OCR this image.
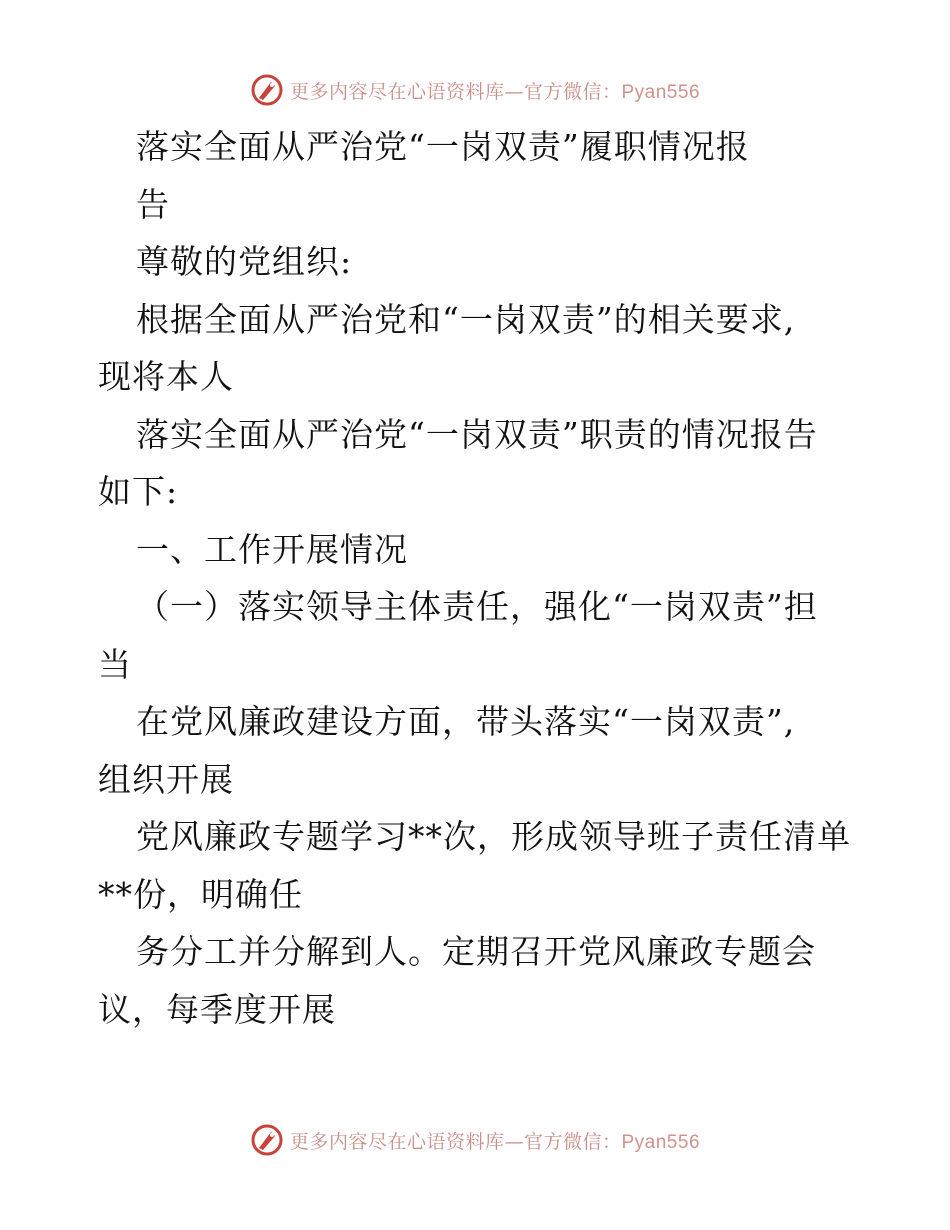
更多内容尽在心语资料库—官方微信：Pyan556
落实全面从严治党“一岗双责”履职情况报
告
尊敬的党组织:
根据全面从严治党和“一岗双责”的相关要求,
现将本人
落实全面从严治党“一岗双责”职责的情况报告
如下:
一、工作开展情况
（一）落实领导主体责任，强化“一岗双责”担
当
在党风廉政建设方面，带头落实“一岗双责”,
组织开展
党风廉政专题学习**次，形成领导班子责任清单
**份，明确任
务分工并分解到人。定期召开党风廉政专题会
议，每季度开展
更多内容尽在心语资料库—官方微信：Pyan556
